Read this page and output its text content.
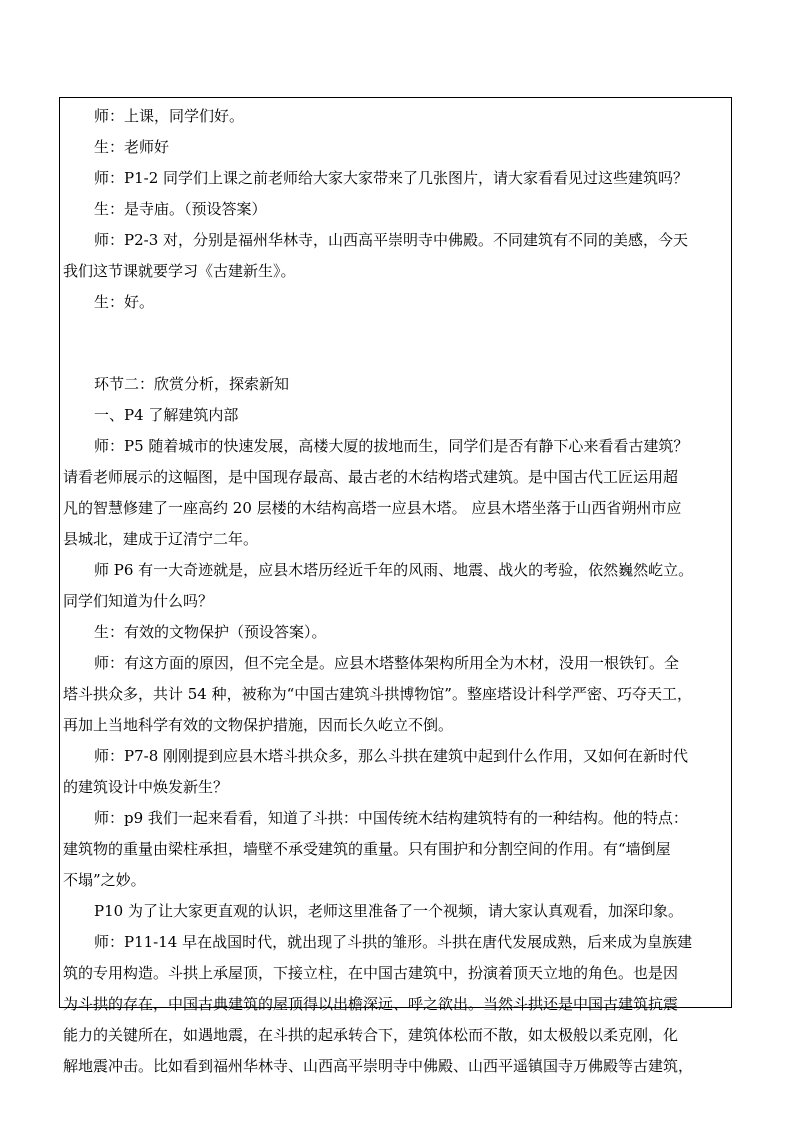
师：上课，同学们好。
生：老师好
师：P1-2 同学们上课之前老师给大家大家带来了几张图片，请大家看看见过这些建筑吗？
生：是寺庙。（预设答案）
师：P2-3 对，分别是福州华林寺，山西高平崇明寺中佛殿。不同建筑有不同的美感，今天
我们这节课就要学习《古建新生》。
生：好。
环节二：欣赏分析，探索新知
一、P4 了解建筑内部
师：P5 随着城市的快速发展，高楼大厦的拔地而生，同学们是否有静下心来看看古建筑？
请看老师展示的这幅图，是中国现存最高、最古老的木结构塔式建筑。是中国古代工匠运用超
凡的智慧修建了一座高约 20 层楼的木结构高塔一应县木塔。 应县木塔坐落于山西省朔州市应
县城北，建成于辽清宁二年。
师 P6 有一大奇迹就是，应县木塔历经近千年的风雨、地震、战火的考验，依然巍然屹立。
同学们知道为什么吗？
生：有效的文物保护（预设答案）。
师：有这方面的原因，但不完全是。应县木塔整体架构所用全为木材，没用一根铁钉。全
塔斗拱众多，共计 54 种，被称为“中国古建筑斗拱博物馆”。整座塔设计科学严密、巧夺天工，
再加上当地科学有效的文物保护措施，因而长久屹立不倒。
师：P7-8 刚刚提到应县木塔斗拱众多，那么斗拱在建筑中起到什么作用，又如何在新时代
的建筑设计中焕发新生？
师：p9 我们一起来看看，知道了斗拱：中国传统木结构建筑特有的一种结构。他的特点：
建筑物的重量由梁柱承担，墙壁不承受建筑的重量。只有围护和分割空间的作用。有“墙倒屋
不塌”之妙。
P10 为了让大家更直观的认识，老师这里准备了一个视频，请大家认真观看，加深印象。
师：P11-14 早在战国时代，就出现了斗拱的雏形。斗拱在唐代发展成熟，后来成为皇族建
筑的专用构造。斗拱上承屋顶，下接立柱，在中国古建筑中，扮演着顶天立地的角色。也是因
为斗拱的存在，中国古典建筑的屋顶得以出檐深远、呼之欲出。当然斗拱还是中国古建筑抗震
能力的关键所在，如遇地震，在斗拱的起承转合下，建筑体松而不散，如太极般以柔克刚，化
解地震冲击。比如看到福州华林寺、山西高平崇明寺中佛殿、山西平遥镇国寺万佛殿等古建筑，
